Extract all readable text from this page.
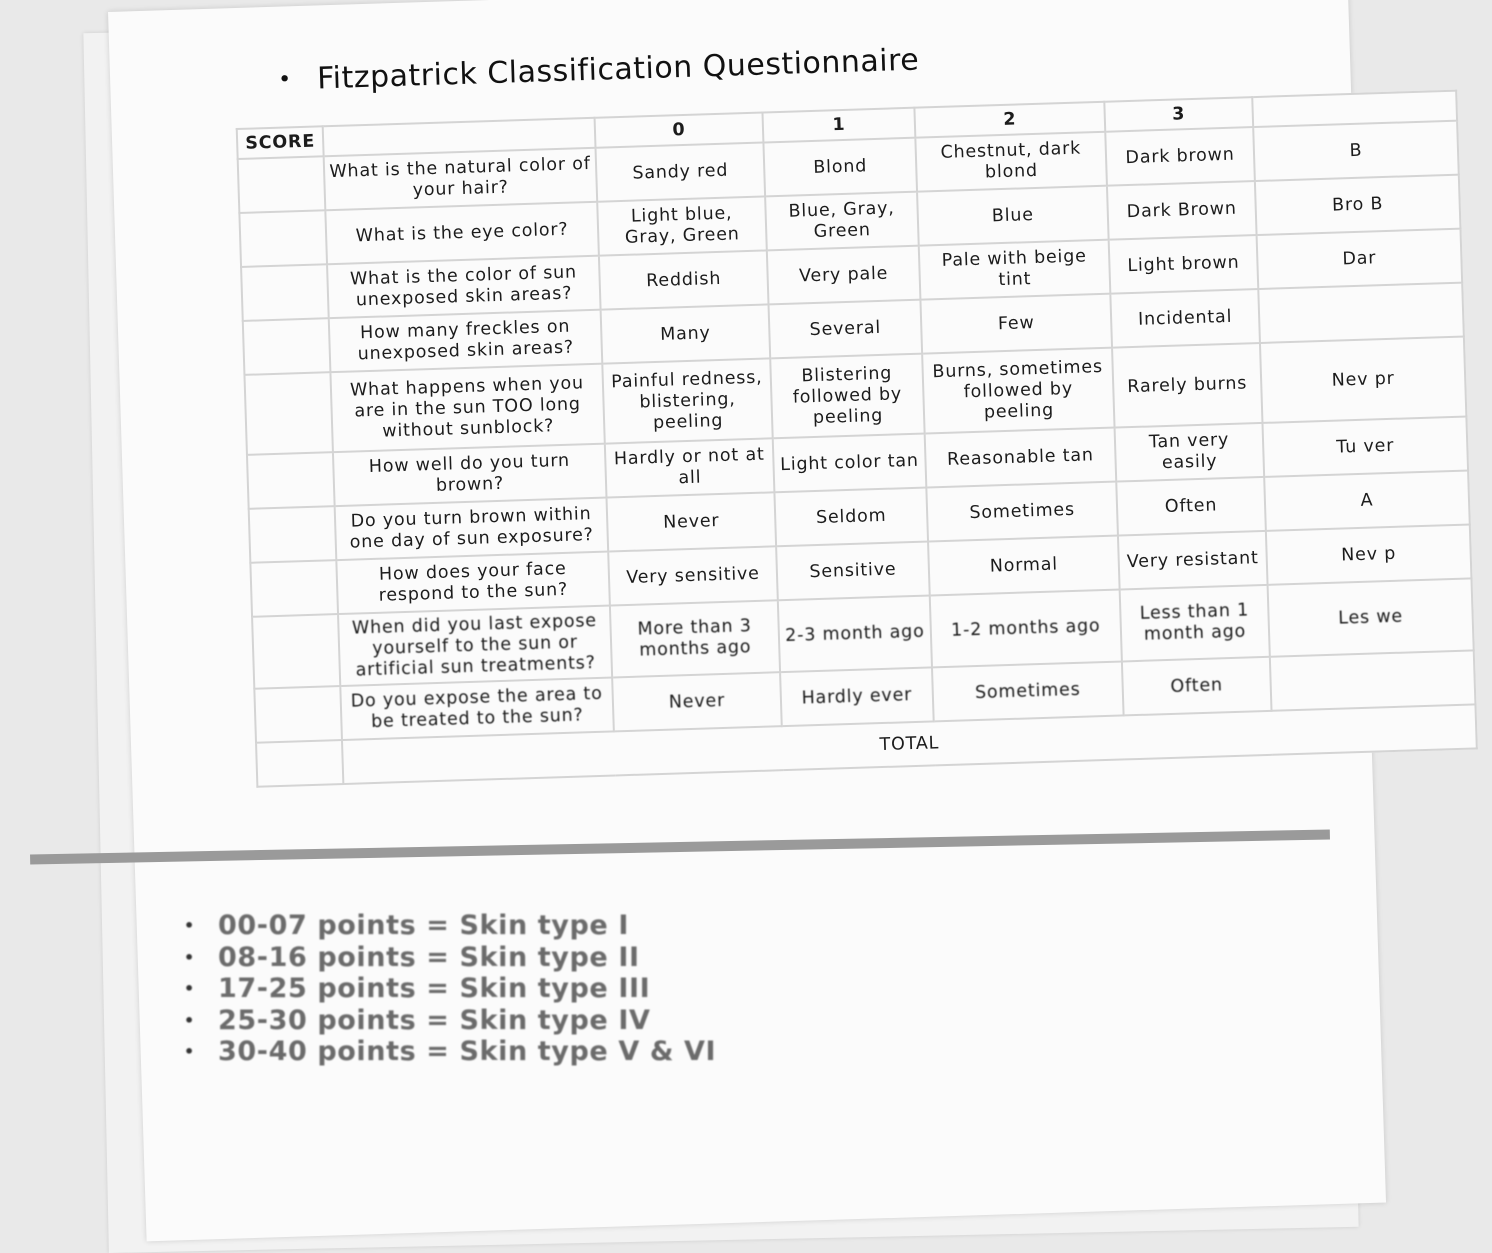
• Fitzpatrick Classification Questionnaire
SCORE		0	1	2	3	
	What is the natural color of your hair?	Sandy red	Blond	Chestnut, dark blond	Dark brown	B
	What is the eye color?	Light blue, Gray, Green	Blue, Gray, Green	Blue	Dark Brown	Bro B
	What is the color of sun unexposed skin areas?	Reddish	Very pale	Pale with beige tint	Light brown	Dar
	How many freckles on unexposed skin areas?	Many	Several	Few	Incidental	
	What happens when you are in the sun TOO long without sunblock?	Painful redness, blistering, peeling	Blistering followed by peeling	Burns, sometimes followed by peeling	Rarely burns	Nev pr
	How well do you turn brown?	Hardly or not at all	Light color tan	Reasonable tan	Tan very easily	Tu ver
	Do you turn brown within one day of sun exposure?	Never	Seldom	Sometimes	Often	A
	How does your face respond to the sun?	Very sensitive	Sensitive	Normal	Very resistant	Nev p
	When did you last expose yourself to the sun or artificial sun treatments?	More than 3 months ago	2-3 month ago	1-2 months ago	Less than 1 month ago	Les we
	Do you expose the area to be treated to the sun?	Never	Hardly ever	Sometimes	Often	
	TOTAL					
• 00-07 points = Skin type I
• 08-16 points = Skin type II
• 17-25 points = Skin type III
• 25-30 points = Skin type IV
• 30-40 points = Skin type V & VI
